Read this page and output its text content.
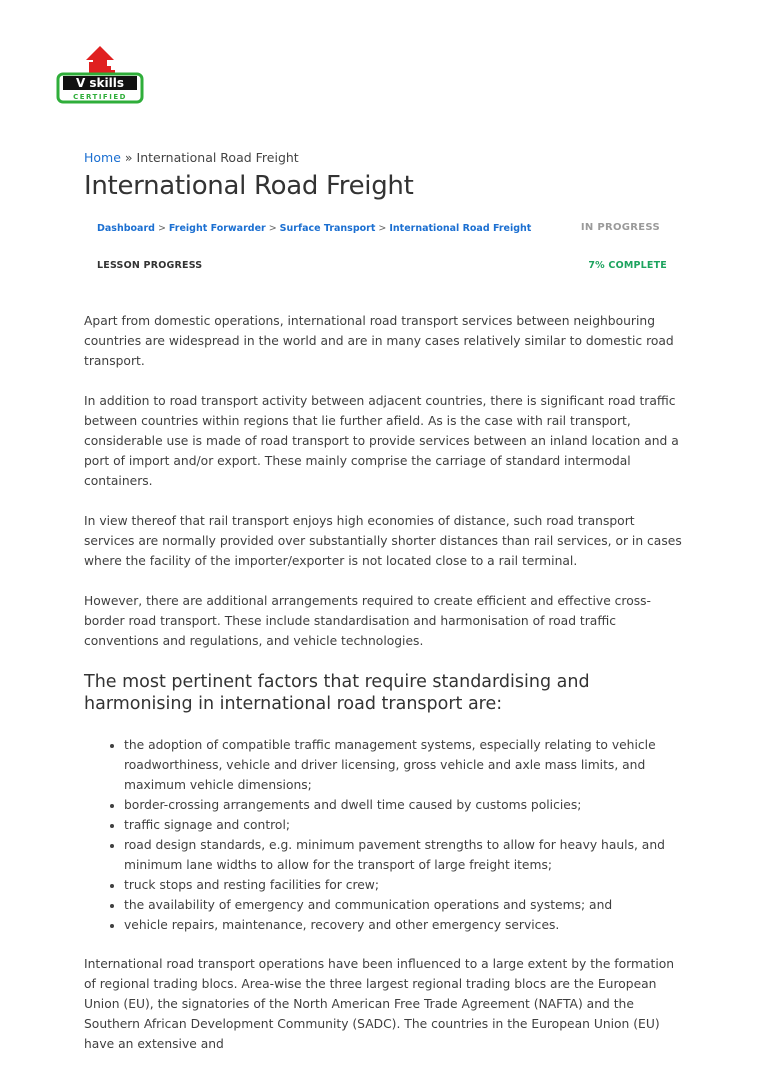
V skills
CERTIFIED
Home » International Road Freight
International Road Freight
Dashboard > Freight Forwarder > Surface Transport > International Road Freight	IN PROGRESS
LESSON PROGRESS	7% COMPLETE

Apart from domestic operations, international road transport services between neighbouring countries are widespread in the world and are in many cases relatively similar to domestic road transport.

In addition to road transport activity between adjacent countries, there is significant road traffic between countries within regions that lie further afield. As is the case with rail transport, considerable use is made of road transport to provide services between an inland location and a port of import and/or export. These mainly comprise the carriage of standard intermodal containers.

In view thereof that rail transport enjoys high economies of distance, such road transport services are normally provided over substantially shorter distances than rail services, or in cases where the facility of the importer/exporter is not located close to a rail terminal.

However, there are additional arrangements required to create efficient and effective cross-border road transport. These include standardisation and harmonisation of road traffic conventions and regulations, and vehicle technologies.

The most pertinent factors that require standardising and harmonising in international road transport are:
• the adoption of compatible traffic management systems, especially relating to vehicle roadworthiness, vehicle and driver licensing, gross vehicle and axle mass limits, and maximum vehicle dimensions;
• border-crossing arrangements and dwell time caused by customs policies;
• traffic signage and control;
• road design standards, e.g. minimum pavement strengths to allow for heavy hauls, and minimum lane widths to allow for the transport of large freight items;
• truck stops and resting facilities for crew;
• the availability of emergency and communication operations and systems; and
• vehicle repairs, maintenance, recovery and other emergency services.

International road transport operations have been influenced to a large extent by the formation of regional trading blocs. Area-wise the three largest regional trading blocs are the European Union (EU), the signatories of the North American Free Trade Agreement (NAFTA) and the Southern African Development Community (SADC). The countries in the European Union (EU) have an extensive and
